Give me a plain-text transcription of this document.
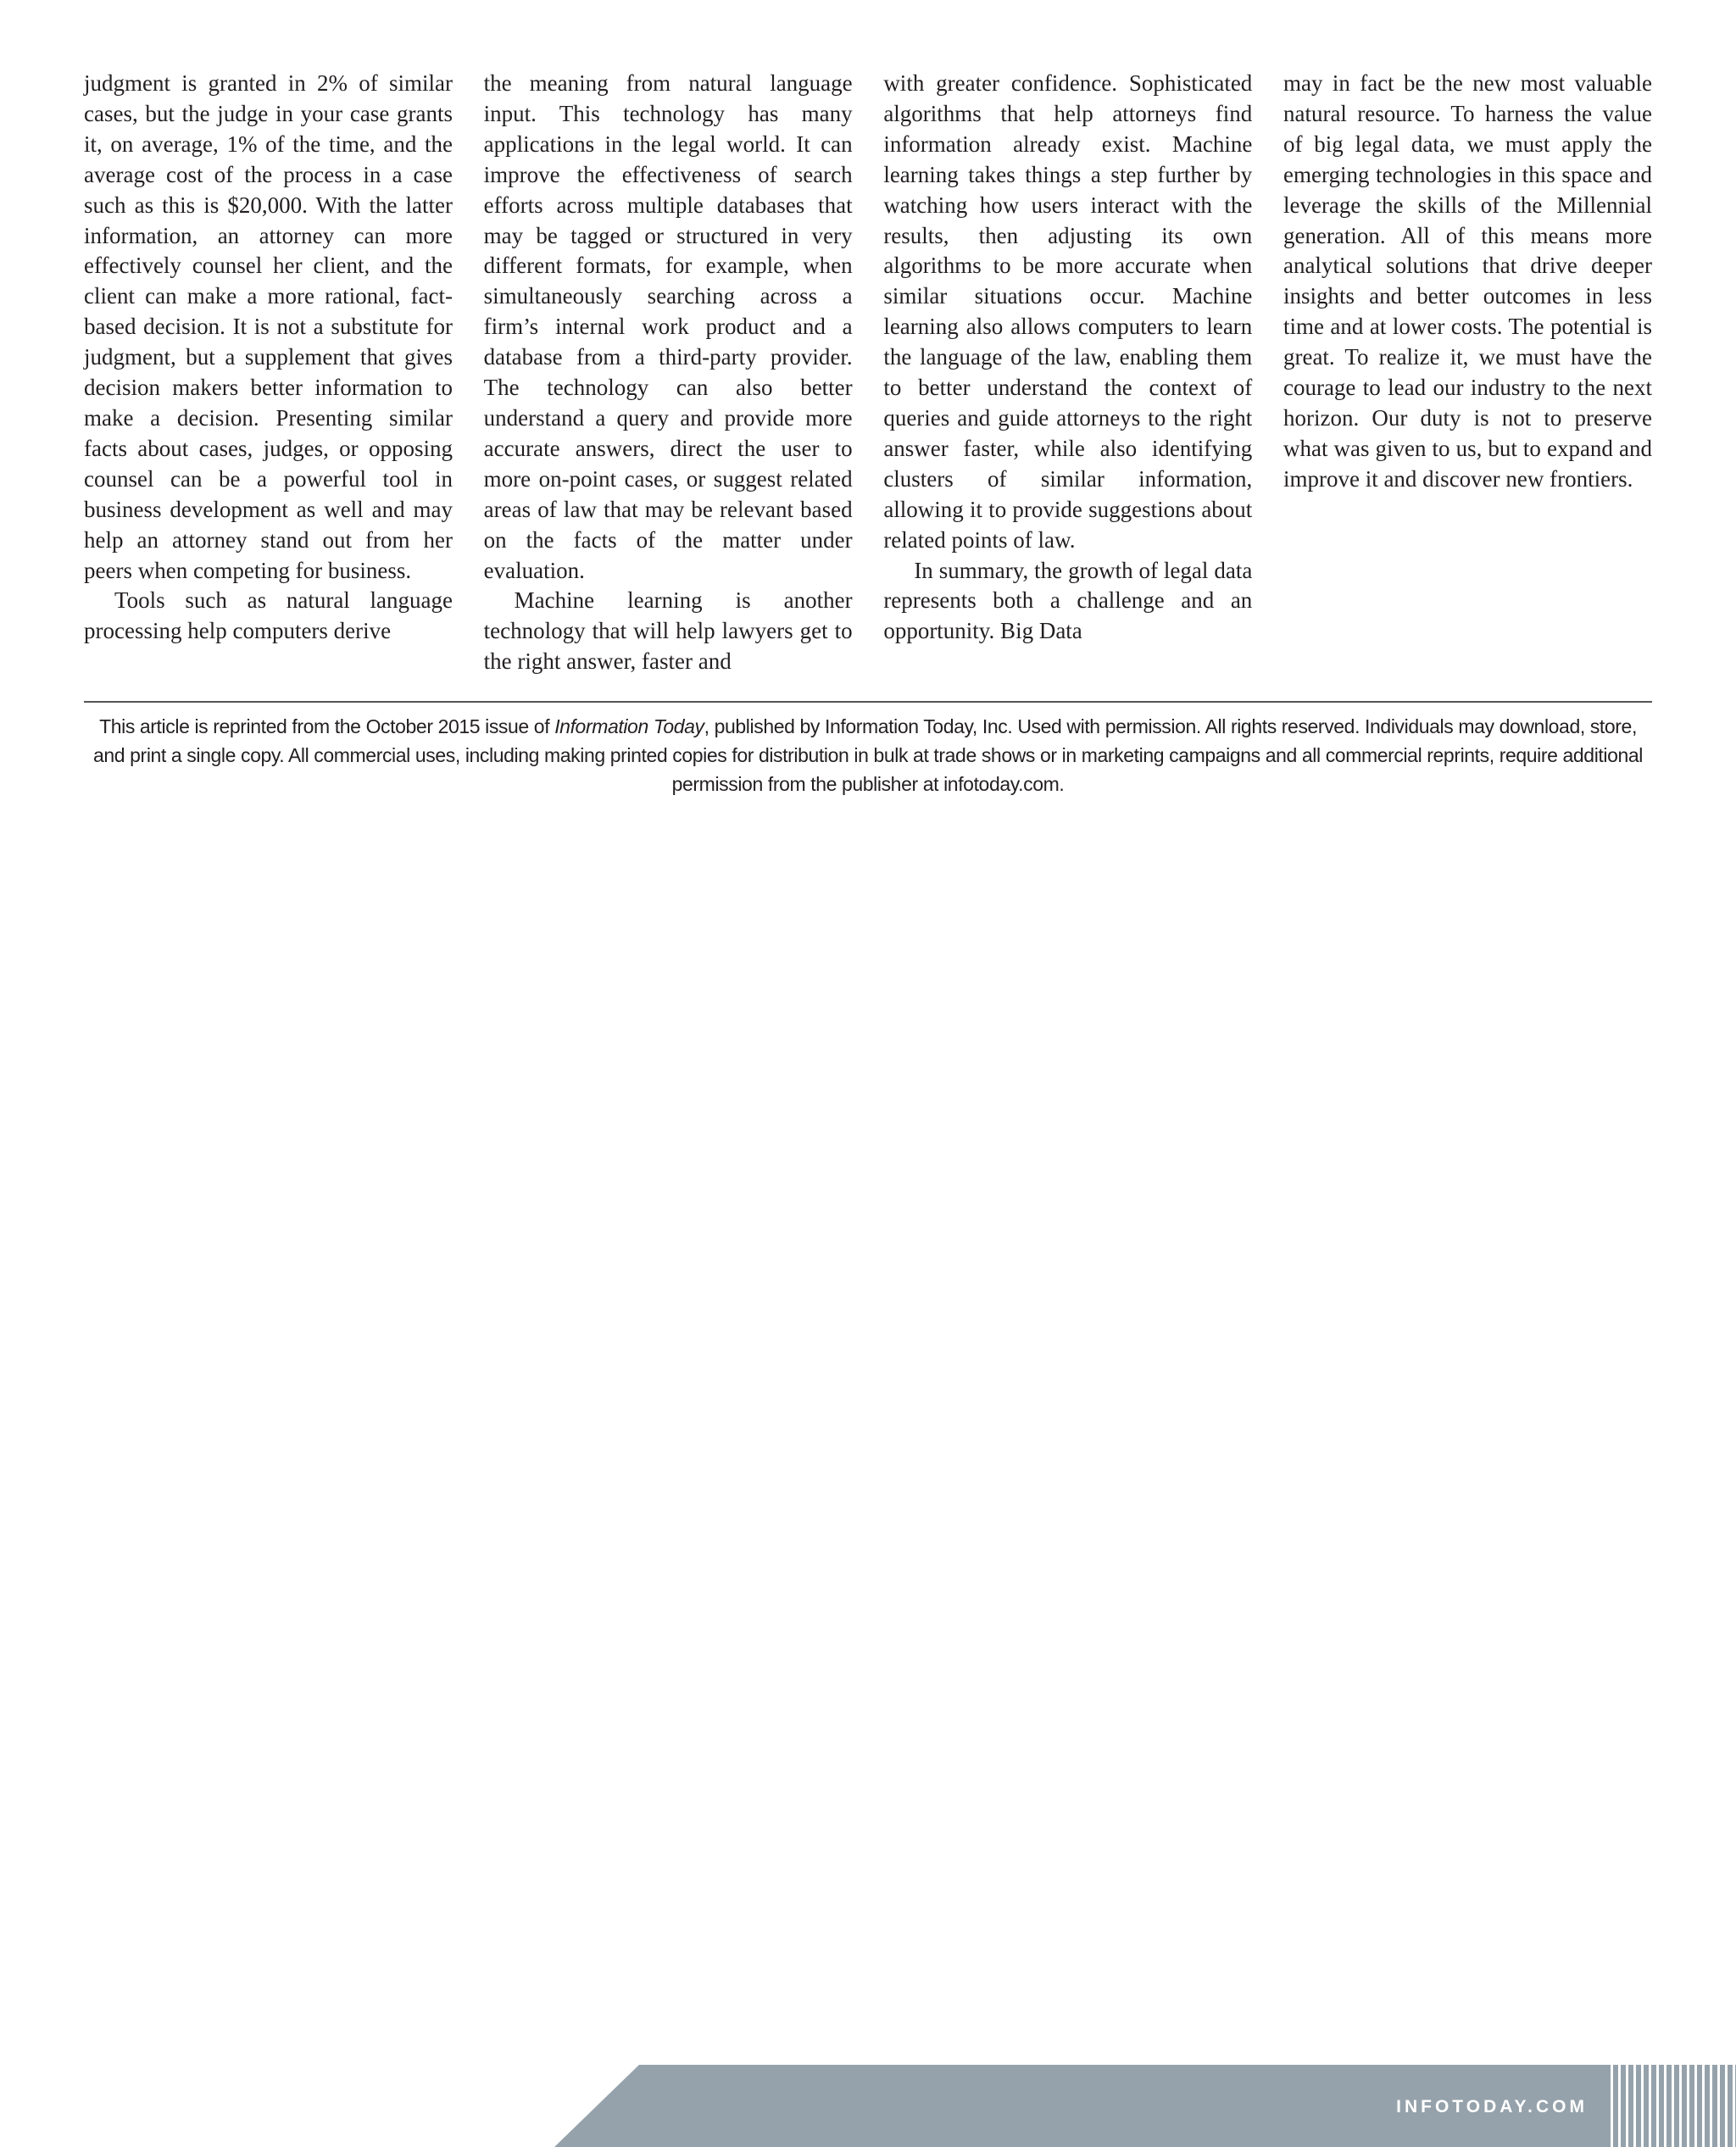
judgment is granted in 2% of similar cases, but the judge in your case grants it, on average, 1% of the time, and the average cost of the process in a case such as this is $20,000. With the latter information, an attorney can more effectively counsel her client, and the client can make a more rational, fact-based decision. It is not a substitute for judgment, but a supplement that gives decision makers better information to make a decision. Presenting similar facts about cases, judges, or opposing counsel can be a powerful tool in business development as well and may help an attorney stand out from her peers when competing for business.

Tools such as natural language processing help computers derive

the meaning from natural language input. This technology has many applications in the legal world. It can improve the effectiveness of search efforts across multiple databases that may be tagged or structured in very different formats, for example, when simultaneously searching across a firm’s internal work product and a database from a third-party provider. The technology can also better understand a query and provide more accurate answers, direct the user to more on-point cases, or suggest related areas of law that may be relevant based on the facts of the matter under evaluation.

Machine learning is another technology that will help lawyers get to the right answer, faster and

with greater confidence. Sophisticated algorithms that help attorneys find information already exist. Machine learning takes things a step further by watching how users interact with the results, then adjusting its own algorithms to be more accurate when similar situations occur. Machine learning also allows computers to learn the language of the law, enabling them to better understand the context of queries and guide attorneys to the right answer faster, while also identifying clusters of similar information, allowing it to provide suggestions about related points of law.

In summary, the growth of legal data represents both a challenge and an opportunity. Big Data

may in fact be the new most valuable natural resource. To harness the value of big legal data, we must apply the emerging technologies in this space and leverage the skills of the Millennial generation. All of this means more analytical solutions that drive deeper insights and better outcomes in less time and at lower costs. The potential is great. To realize it, we must have the courage to lead our industry to the next horizon. Our duty is not to preserve what was given to us, but to expand and improve it and discover new frontiers.

This article is reprinted from the October 2015 issue of Information Today, published by Information Today, Inc. Used with permission. All rights reserved. Individuals may download, store, and print a single copy. All commercial uses, including making printed copies for distribution in bulk at trade shows or in marketing campaigns and all commercial reprints, require additional permission from the publisher at infotoday.com.
INFOTODAY.COM
